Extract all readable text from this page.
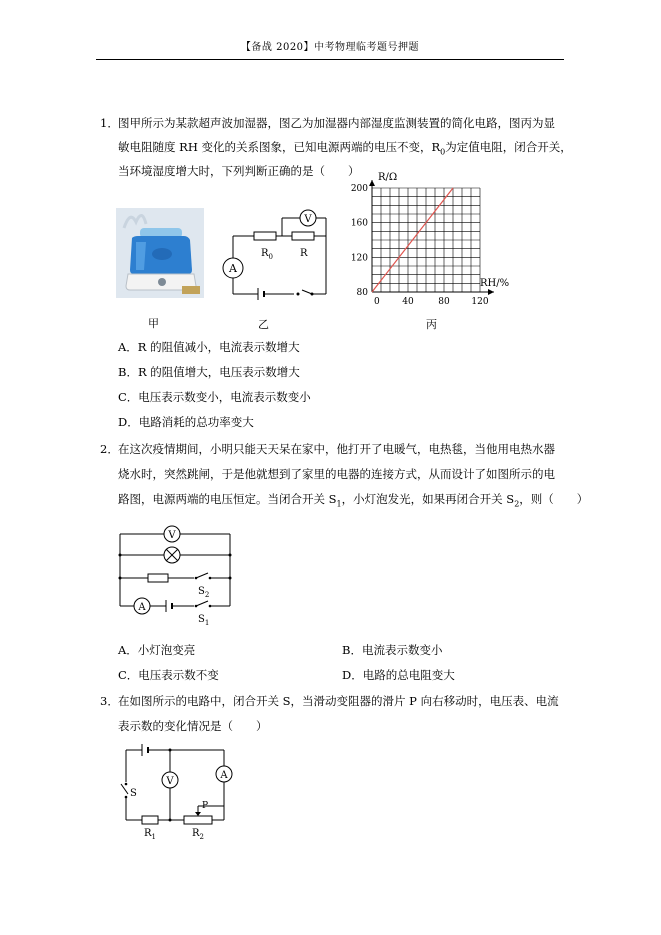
【备战 2020】中考物理临考题号押题
1． 图甲所示为某款超声波加湿器，图乙为加湿器内部湿度监测装置的简化电路，图丙为显
敏电阻随度 RH 变化的关系图象，已知电源两端的电压不变，$R_0$为定值电阻，闭合开关，
当环境湿度增大时，下列判断正确的是（　　）
甲
A
V
$R_0$	R
乙
40	80 120
80
120
160
200
0
R/Ω
RH/%
丙
A．R 的阻值减小，电流表示数增大
B．R 的阻值增大，电压表示数增大
C．电压表示数变小，电流表示数变小
D．电路消耗的总功率变大
2． 在这次疫情期间，小明只能天天呆在家中，他打开了电暖气，电热毯，当他用电热水器
烧水时，突然跳闸，于是他就想到了家里的电器的连接方式，从而设计了如图所示的电
路图，电源两端的电压恒定。当闭合开关 $S_1$，小灯泡发光，如果再闭合开关 $S_2$，则（　　）
V
A
$S_2$
$S_1$
A．小灯泡变亮	B．电流表示数变小
C．电压表示数不变	D．电路的总电阻变大
3． 在如图所示的电路中，闭合开关 S，当滑动变阻器的滑片 P 向右移动时，电压表、电流
表示数的变化情况是（　　）
V
A
S
P
$R_1$	$R_2$
